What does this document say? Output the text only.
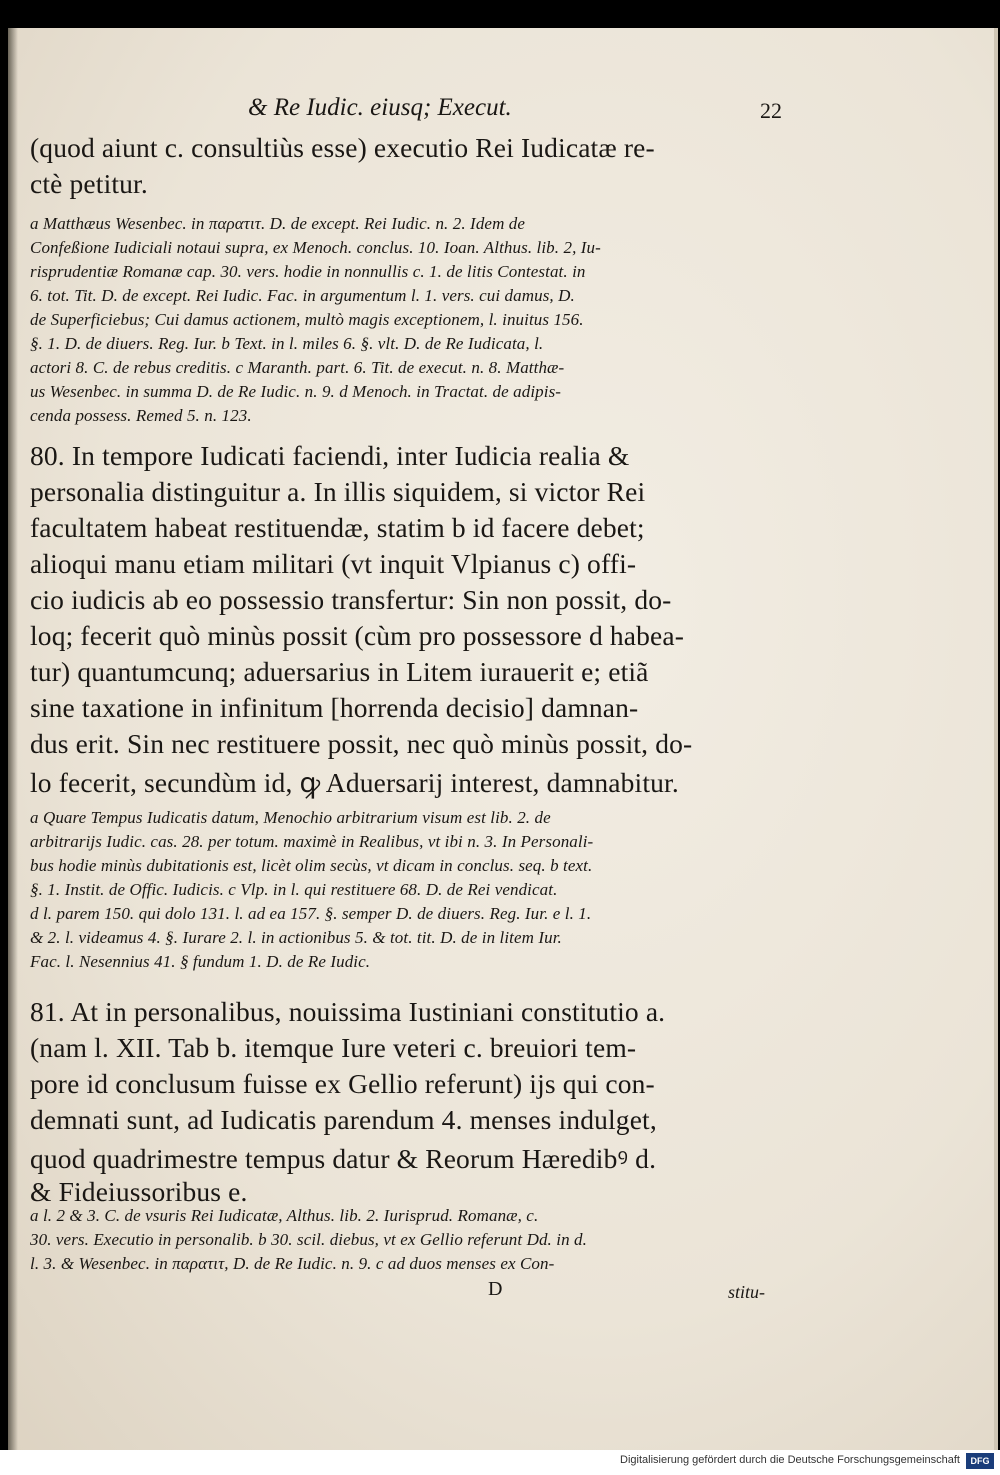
& Re Iudic. eiusq; Execut.	22
(quod aiunt c. consultiùs esse) executio Rei Iudicatæ re-
ctè petitur.
a Matthæus Wesenbec. in παρατιτ. D. de except. Rei Iudic. n. 2. Idem de
Confeßione Iudiciali notaui supra, ex Menoch. conclus. 10. Ioan. Althus. lib. 2, Iu-
risprudentiæ Romanæ cap. 30. vers. hodie in nonnullis c. 1. de litis Contestat. in
6. tot. Tit. D. de except. Rei Iudic. Fac. in argumentum l. 1. vers. cui damus, D.
de Superficiebus; Cui damus actionem, multò magis exceptionem, l. inuitus 156.
§. 1. D. de diuers. Reg. Iur. b Text. in l. miles 6. §. vlt. D. de Re Iudicata, l.
actori 8. C. de rebus creditis. c Maranth. part. 6. Tit. de execut. n. 8. Matthæ-
us Wesenbec. in summa D. de Re Iudic. n. 9. d Menoch. in Tractat. de adipis-
cenda possess. Remed 5. n. 123.
80. In tempore Iudicati faciendi, inter Iudicia realia &
personalia distinguitur a. In illis siquidem, si victor Rei
facultatem habeat restituendæ, statim b id facere debet;
alioqui manu etiam militari (vt inquit Vlpianus c) offi-
cio iudicis ab eo possessio transfertur: Sin non possit, do-
loq; fecerit quò minùs possit (cùm pro possessore d habea-
tur) quantumcunq; aduersarius in Litem iurauerit e; etiã
sine taxatione in infinitum [horrenda decisio] damnan-
dus erit. Sin nec restituere possit, nec quò minùs possit, do-
lo fecerit, secundùm id, ꝙ Aduersarij interest, damnabitur.
a Quare Tempus Iudicatis datum, Menochio arbitrarium visum est lib. 2. de
arbitrarijs Iudic. cas. 28. per totum. maximè in Realibus, vt ibi n. 3. In Personali-
bus hodie minùs dubitationis est, licèt olim secùs, vt dicam in conclus. seq. b text.
§. 1. Instit. de Offic. Iudicis. c Vlp. in l. qui restituere 68. D. de Rei vendicat.
d l. parem 150. qui dolo 131. l. ad ea 157. §. semper D. de diuers. Reg. Iur. e l. 1.
& 2. l. videamus 4. §. Iurare 2. l. in actionibus 5. & tot. tit. D. de in litem Iur.
Fac. l. Nesennius 41. § fundum 1. D. de Re Iudic.
81. At in personalibus, nouissima Iustiniani constitutio a.
(nam l. XII. Tab b. itemque Iure veteri c. breuiori tem-
pore id conclusum fuisse ex Gellio referunt) ijs qui con-
demnati sunt, ad Iudicatis parendum 4. menses indulget,
quod quadrimestre tempus datur & Reorum Hæredibꝰ d.
& Fideiussoribus e.
a l. 2 & 3. C. de vsuris Rei Iudicatæ, Althus. lib. 2. Iurisprud. Romanæ, c.
30. vers. Executio in personalib. b 30. scil. diebus, vt ex Gellio referunt Dd. in d.
l. 3. & Wesenbec. in παρατιτ, D. de Re Iudic. n. 9. c ad duos menses ex Con-
D	stitu-
Digitalisierung gefördert durch die Deutsche Forschungsgemeinschaft	DFG
